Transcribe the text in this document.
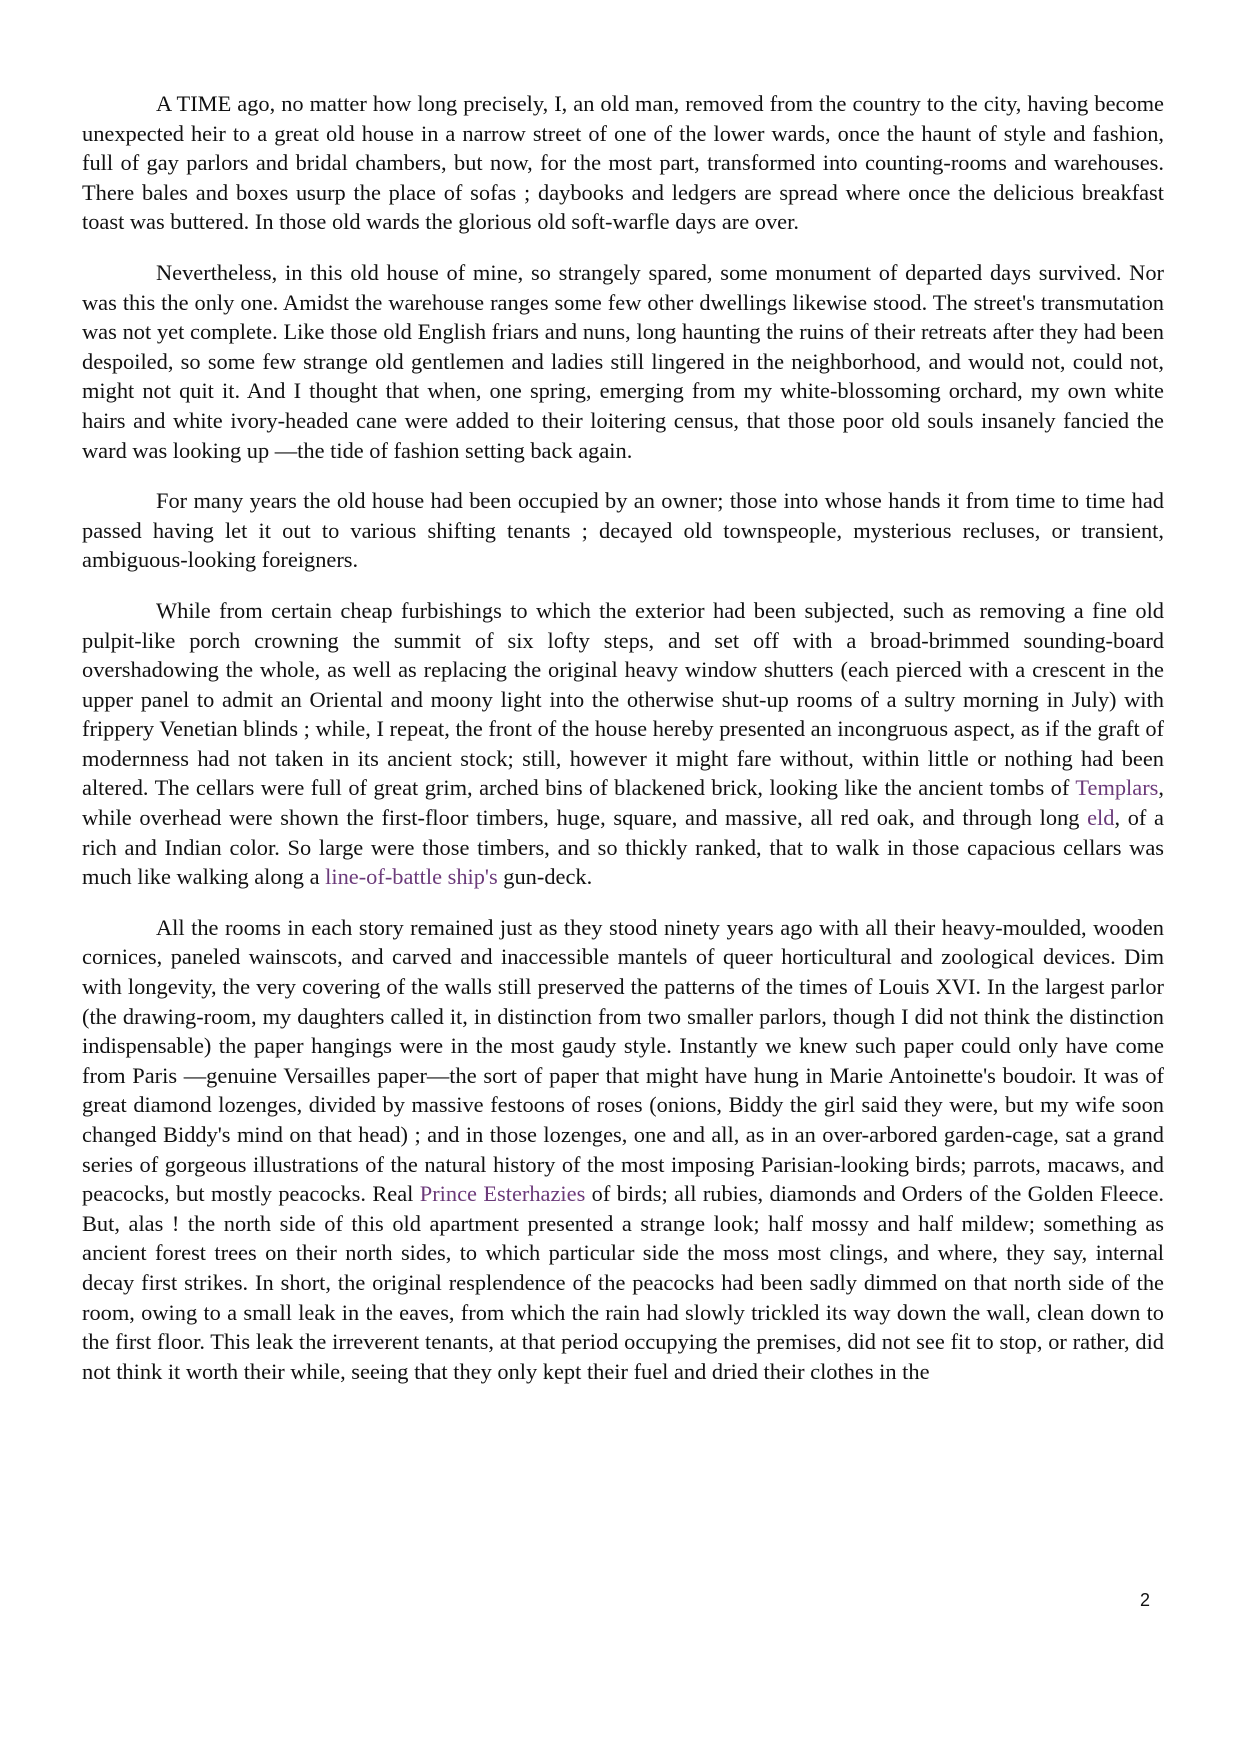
A TIME ago, no matter how long precisely, I, an old man, removed from the country to the city, having become unexpected heir to a great old house in a narrow street of one of the lower wards, once the haunt of style and fashion, full of gay parlors and bridal chambers, but now, for the most part, transformed into counting-rooms and warehouses. There bales and boxes usurp the place of sofas ; daybooks and ledgers are spread where once the delicious breakfast toast was buttered. In those old wards the glorious old soft-warfle days are over.

Nevertheless, in this old house of mine, so strangely spared, some monument of departed days survived. Nor was this the only one. Amidst the warehouse ranges some few other dwellings likewise stood. The street's transmutation was not yet complete. Like those old English friars and nuns, long haunting the ruins of their retreats after they had been despoiled, so some few strange old gentlemen and ladies still lingered in the neighborhood, and would not, could not, might not quit it. And I thought that when, one spring, emerging from my white-blossoming orchard, my own white hairs and white ivory-headed cane were added to their loitering census, that those poor old souls insanely fancied the ward was looking up —the tide of fashion setting back again.

For many years the old house had been occupied by an owner; those into whose hands it from time to time had passed having let it out to various shifting tenants ; decayed old townspeople, mysterious recluses, or transient, ambiguous-looking foreigners.

While from certain cheap furbishings to which the exterior had been subjected, such as removing a fine old pulpit-like porch crowning the summit of six lofty steps, and set off with a broad-brimmed sounding-board overshadowing the whole, as well as replacing the original heavy window shutters (each pierced with a crescent in the upper panel to admit an Oriental and moony light into the otherwise shut-up rooms of a sultry morning in July) with frippery Venetian blinds ; while, I repeat, the front of the house hereby presented an incongruous aspect, as if the graft of modernness had not taken in its ancient stock; still, however it might fare without, within little or nothing had been altered. The cellars were full of great grim, arched bins of blackened brick, looking like the ancient tombs of Templars, while overhead were shown the first-floor timbers, huge, square, and massive, all red oak, and through long eld, of a rich and Indian color. So large were those timbers, and so thickly ranked, that to walk in those capacious cellars was much like walking along a line-of-battle ship's gun-deck.

All the rooms in each story remained just as they stood ninety years ago with all their heavy-moulded, wooden cornices, paneled wainscots, and carved and inaccessible mantels of queer horticultural and zoological devices. Dim with longevity, the very covering of the walls still preserved the patterns of the times of Louis XVI. In the largest parlor (the drawing-room, my daughters called it, in distinction from two smaller parlors, though I did not think the distinction indispensable) the paper hangings were in the most gaudy style. Instantly we knew such paper could only have come from Paris —genuine Versailles paper—the sort of paper that might have hung in Marie Antoinette's boudoir. It was of great diamond lozenges, divided by massive festoons of roses (onions, Biddy the girl said they were, but my wife soon changed Biddy's mind on that head) ; and in those lozenges, one and all, as in an over-arbored garden-cage, sat a grand series of gorgeous illustrations of the natural history of the most imposing Parisian-looking birds; parrots, macaws, and peacocks, but mostly peacocks. Real Prince Esterhazies of birds; all rubies, diamonds and Orders of the Golden Fleece. But, alas ! the north side of this old apartment presented a strange look; half mossy and half mildew; something as ancient forest trees on their north sides, to which particular side the moss most clings, and where, they say, internal decay first strikes. In short, the original resplendence of the peacocks had been sadly dimmed on that north side of the room, owing to a small leak in the eaves, from which the rain had slowly trickled its way down the wall, clean down to the first floor. This leak the irreverent tenants, at that period occupying the premises, did not see fit to stop, or rather, did not think it worth their while, seeing that they only kept their fuel and dried their clothes in the

2
